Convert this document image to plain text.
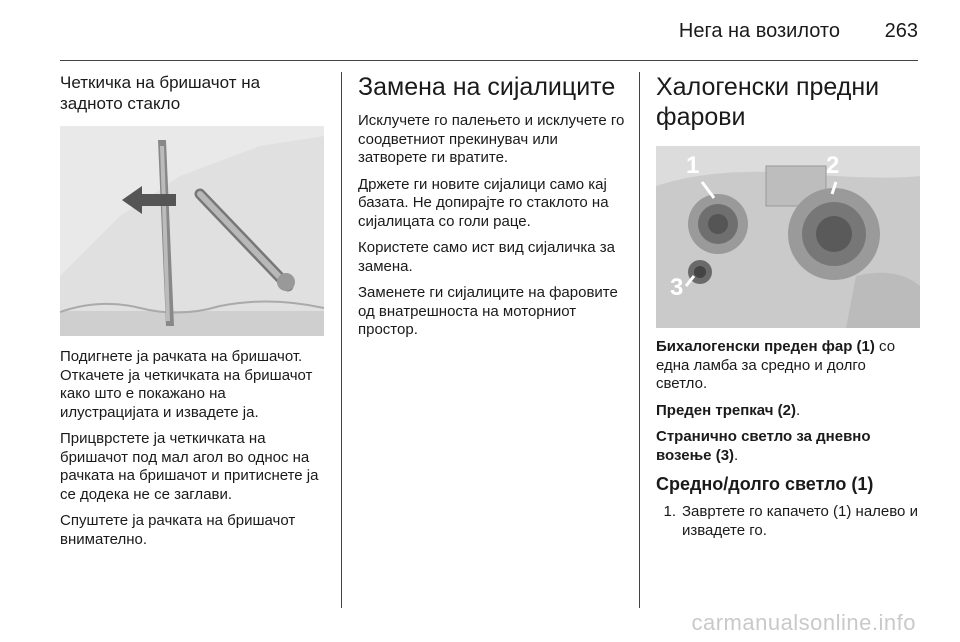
Нега на возилото 263
Четкичка на бришачот на задното стакло

Подигнете ја рачката на бришачот. Откачете ја четкичката на бришачот како што е покажано на илустрацијата и извадете ја.

Прицврстете ја четкичката на бришачот под мал агол во однос на рачката на бришачот и притиснете ја се додека не се заглави.

Спуштете ја рачката на бришачот внимателно.

Замена на сијалиците

Исклучете го палењето и исклучете го соодветниот прекинувач или затворете ги вратите.

Држете ги новите сијалици само кај базата. Не допирајте го стаклото на сијалицата со голи раце.

Користете само ист вид сијаличка за замена.

Заменете ги сијалиците на фаровите од внатрешноста на моторниот простор.

Халогенски предни фарови
1	2
3

Бихалогенски преден фар (1) со една ламба за средно и долго светло.

Преден трепкач (2).

Странично светло за дневно возење (3).

Средно/долго светло (1)
1. Завртете го капачето (1) налево и извадете го.
carmanualsonline.info
